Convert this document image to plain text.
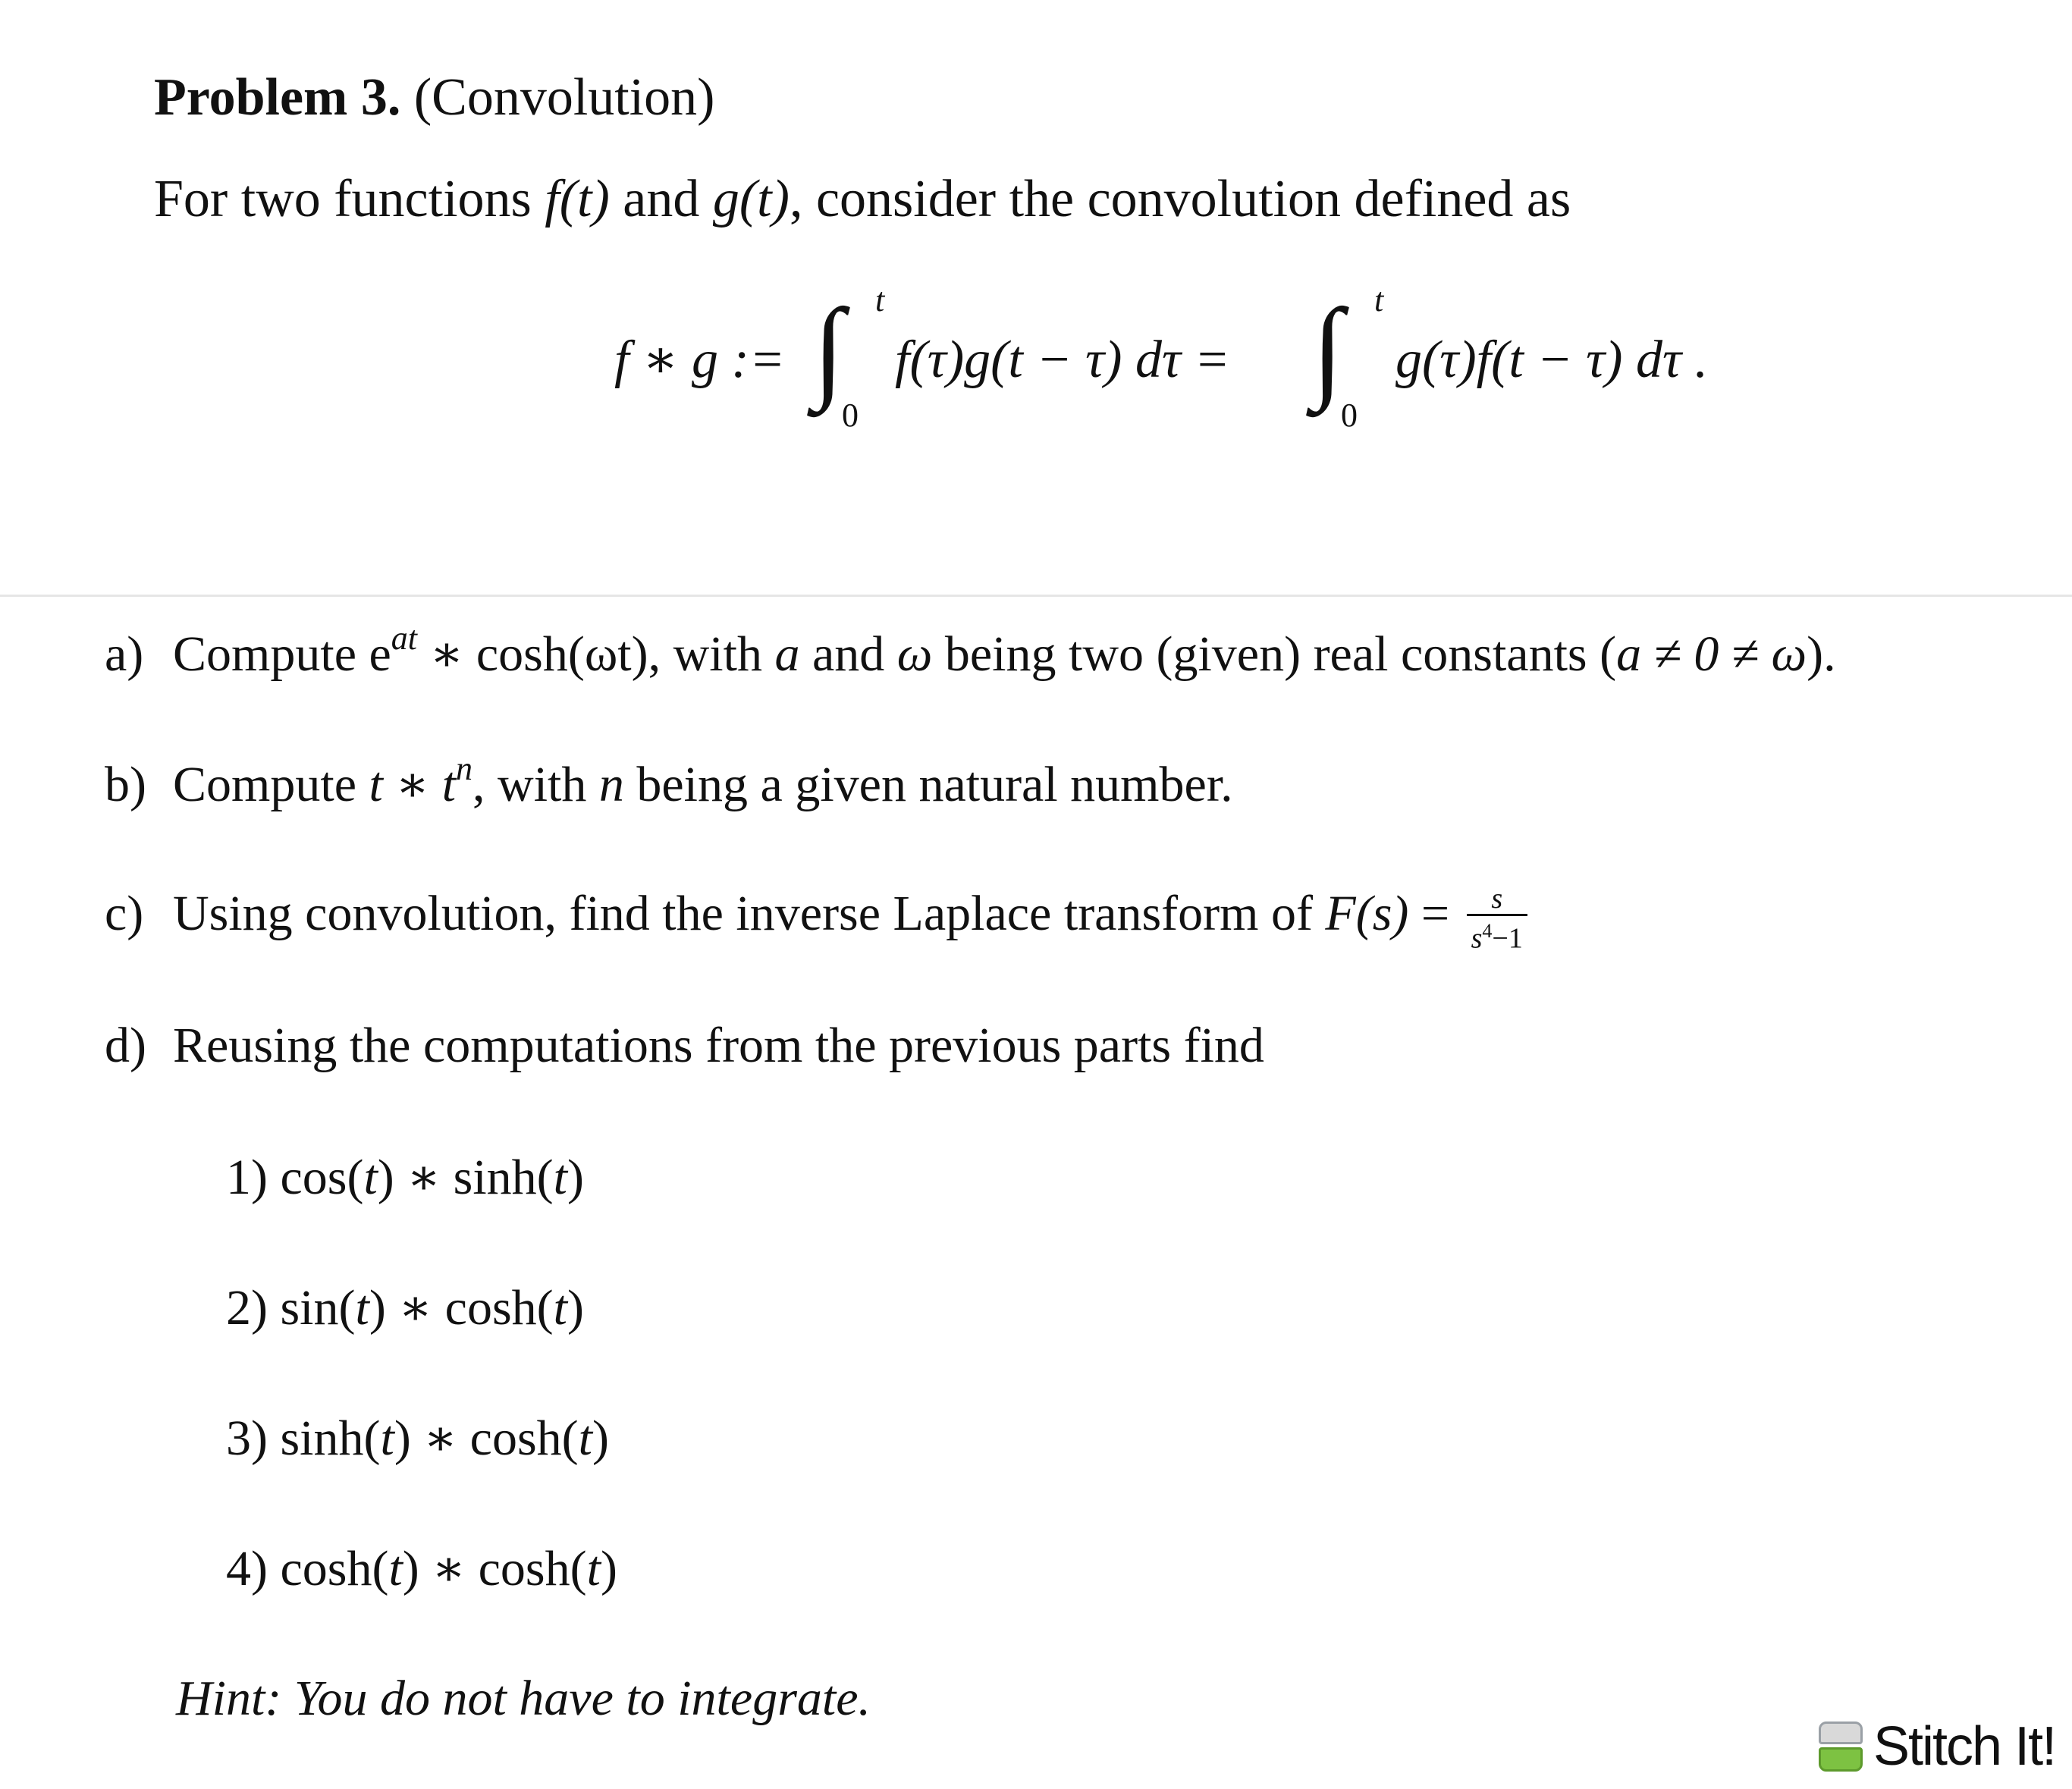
Problem 3. (Convolution)
For two functions f(t) and g(t), consider the convolution defined as
f ∗ g := ∫ t
0
f(τ)g(t − τ) dτ = ∫ t
0
g(τ)f(t − τ) dτ .
a) Compute $e^{at}$ ∗ cosh(ωt), with a and ω being two (given) real constants (a ≠ 0 ≠ ω).
b) Compute t ∗ $t^n$, with n being a given natural number.
c) Using convolution, find the inverse Laplace transform of $F(s) = \frac{s}{s^4-1}$
d) Reusing the computations from the previous parts find
1) cos(t) ∗ sinh(t)
2) sin(t) ∗ cosh(t)
3) sinh(t) ∗ cosh(t)
4) cosh(t) ∗ cosh(t)
Hint: You do not have to integrate.
Stitch It!
